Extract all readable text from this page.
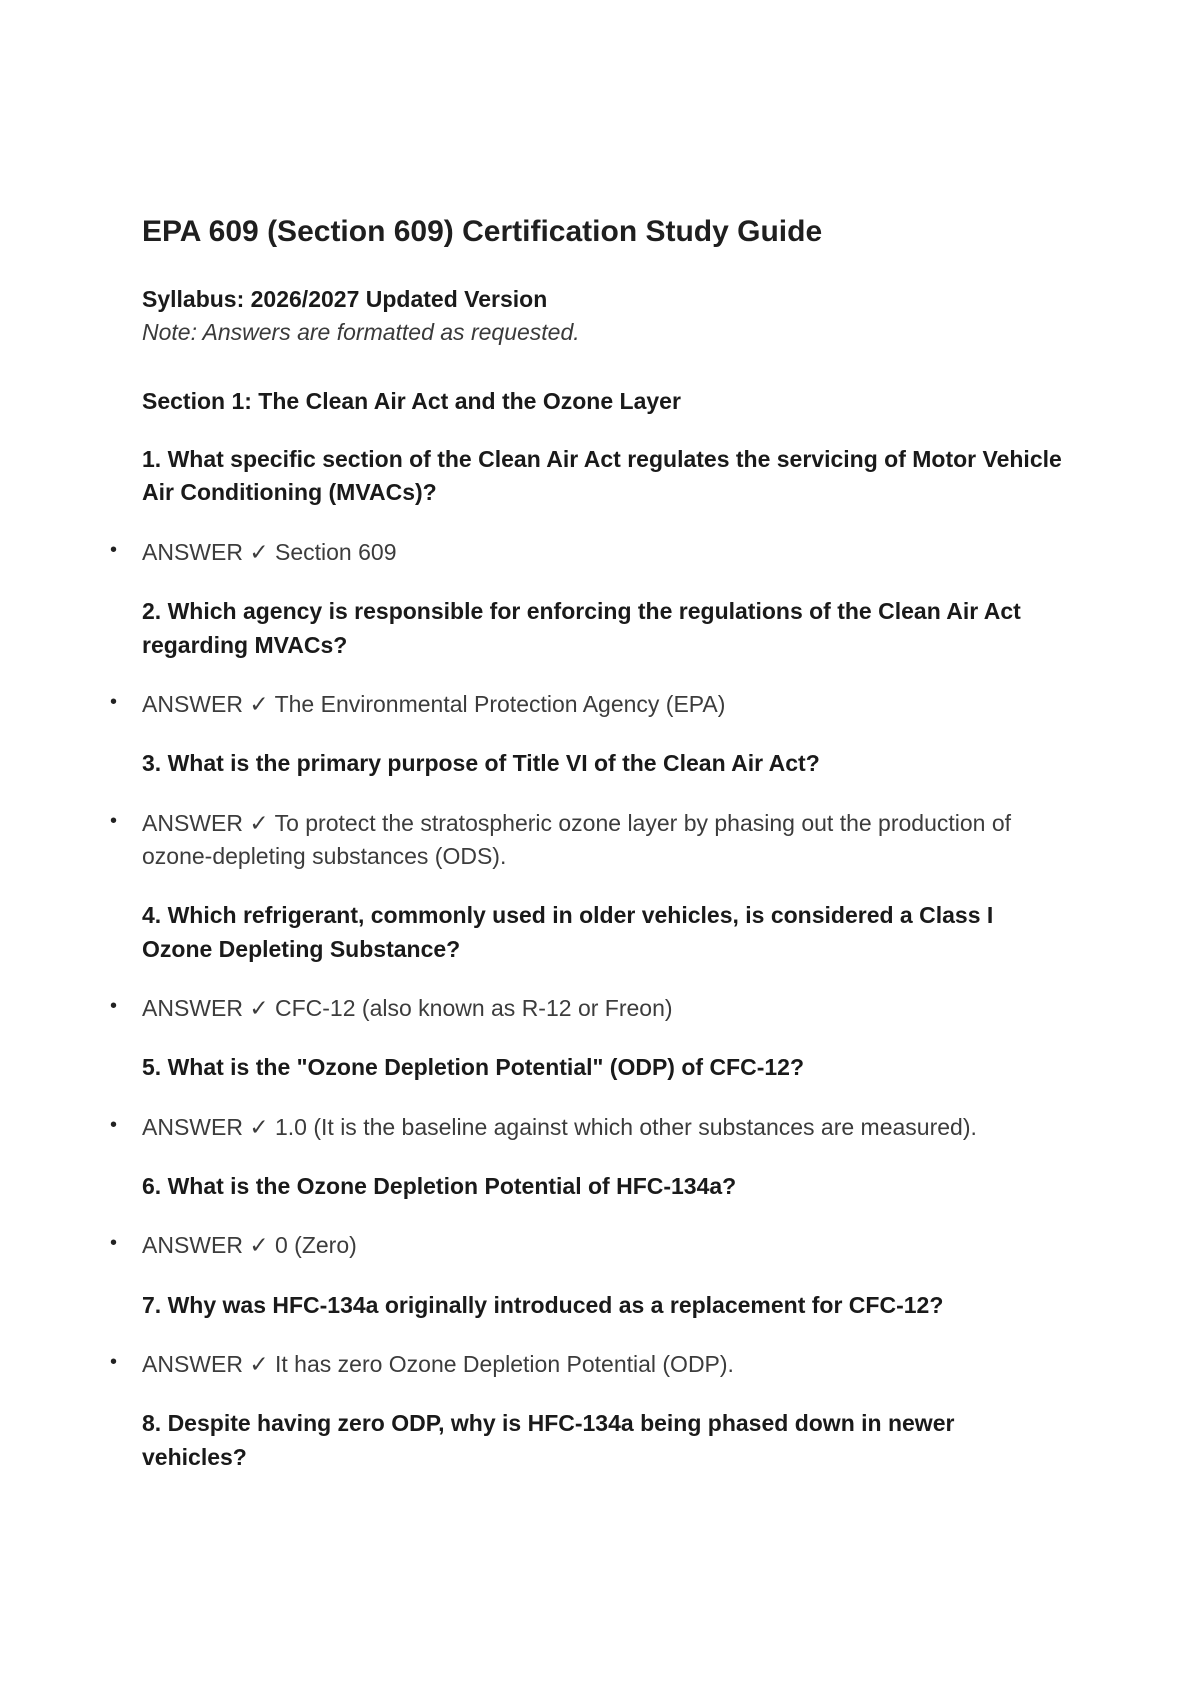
EPA 609 (Section 609) Certification Study Guide

Syllabus: 2026/2027 Updated Version

Note: Answers are formatted as requested.

Section 1: The Clean Air Act and the Ozone Layer

1. What specific section of the Clean Air Act regulates the servicing of Motor Vehicle Air Conditioning (MVACs)?

• ANSWER ✓ Section 609

2. Which agency is responsible for enforcing the regulations of the Clean Air Act regarding MVACs?

• ANSWER ✓ The Environmental Protection Agency (EPA)

3. What is the primary purpose of Title VI of the Clean Air Act?

• ANSWER ✓ To protect the stratospheric ozone layer by phasing out the production of ozone-depleting substances (ODS).

4. Which refrigerant, commonly used in older vehicles, is considered a Class I Ozone Depleting Substance?

• ANSWER ✓ CFC-12 (also known as R-12 or Freon)

5. What is the "Ozone Depletion Potential" (ODP) of CFC-12?

• ANSWER ✓ 1.0 (It is the baseline against which other substances are measured).

6. What is the Ozone Depletion Potential of HFC-134a?

• ANSWER ✓ 0 (Zero)

7. Why was HFC-134a originally introduced as a replacement for CFC-12?

• ANSWER ✓ It has zero Ozone Depletion Potential (ODP).

8. Despite having zero ODP, why is HFC-134a being phased down in newer vehicles?
